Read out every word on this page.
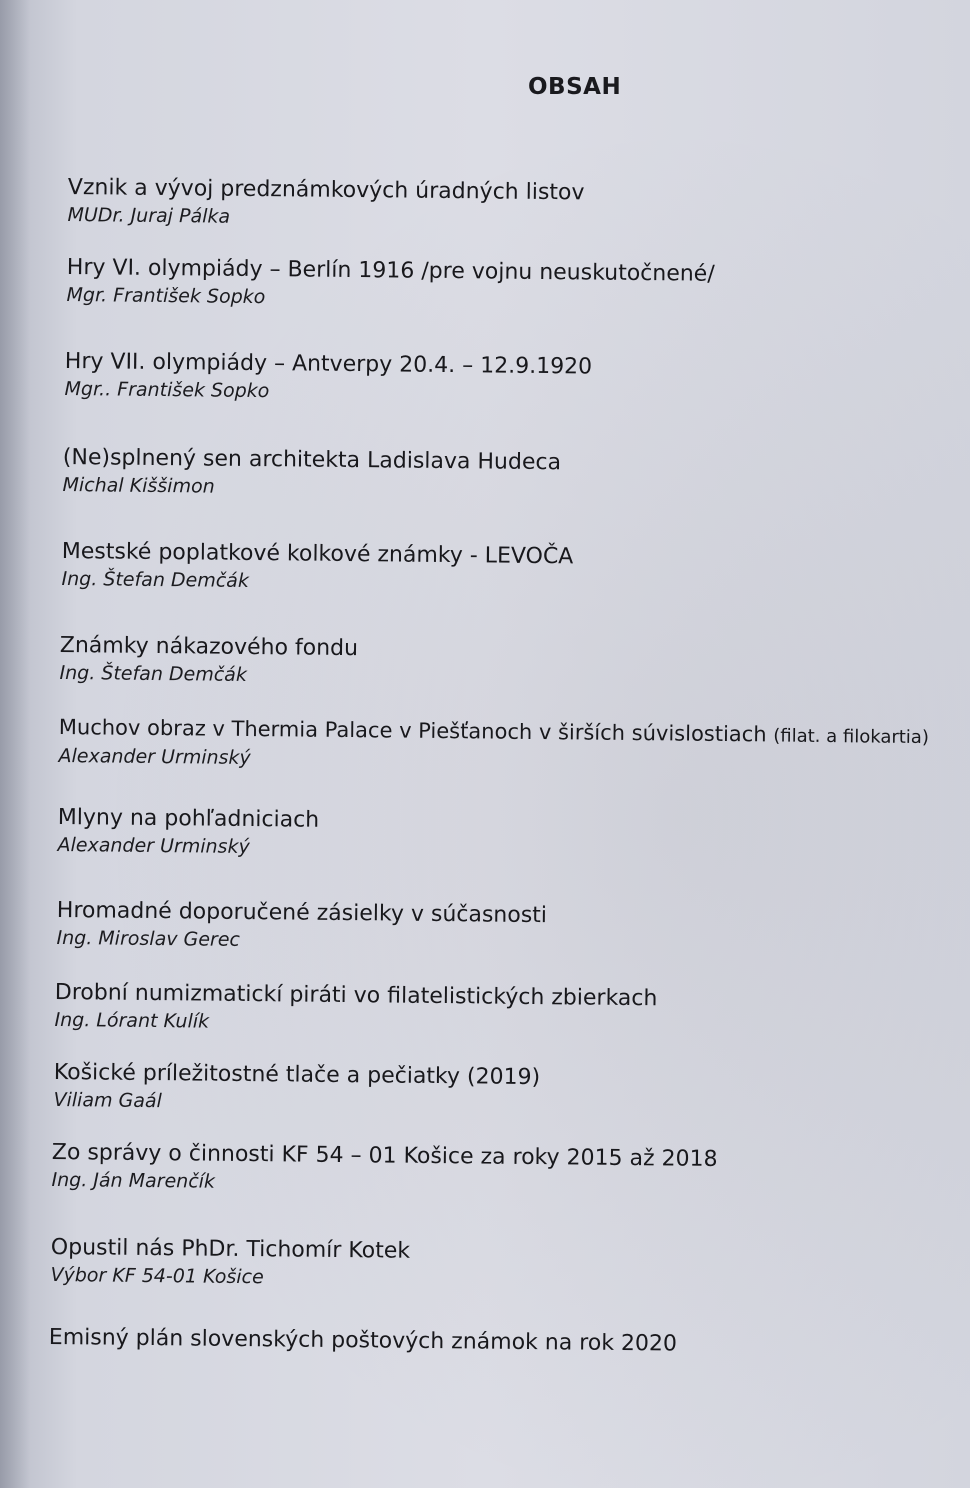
OBSAH
Vznik a vývoj predznámkových úradných listov
MUDr. Juraj Pálka
Hry VI. olympiády – Berlín 1916 /pre vojnu neuskutočnené/
Mgr. František Sopko
Hry VII. olympiády – Antverpy 20.4. – 12.9.1920
Mgr.. František Sopko
(Ne)splnený sen architekta Ladislava Hudeca
Michal Kiššimon
Mestské poplatkové kolkové známky - LEVOČA
Ing. Štefan Demčák
Známky nákazového fondu
Ing. Štefan Demčák
Muchov obraz v Thermia Palace v Piešťanoch v širších súvislostiach (filat. a filokartia)
Alexander Urminský
Mlyny na pohľadniciach
Alexander Urminský
Hromadné doporučené zásielky v súčasnosti
Ing. Miroslav Gerec
Drobní numizmatickí piráti vo filatelistických zbierkach
Ing. Lórant Kulík
Košické príležitostné tlače a pečiatky (2019)
Viliam Gaál
Zo správy o činnosti KF 54 – 01 Košice za roky 2015 až 2018
Ing. Ján Marenčík
Opustil nás PhDr. Tichomír Kotek
Výbor KF 54-01 Košice
Emisný plán slovenských poštových známok na rok 2020
